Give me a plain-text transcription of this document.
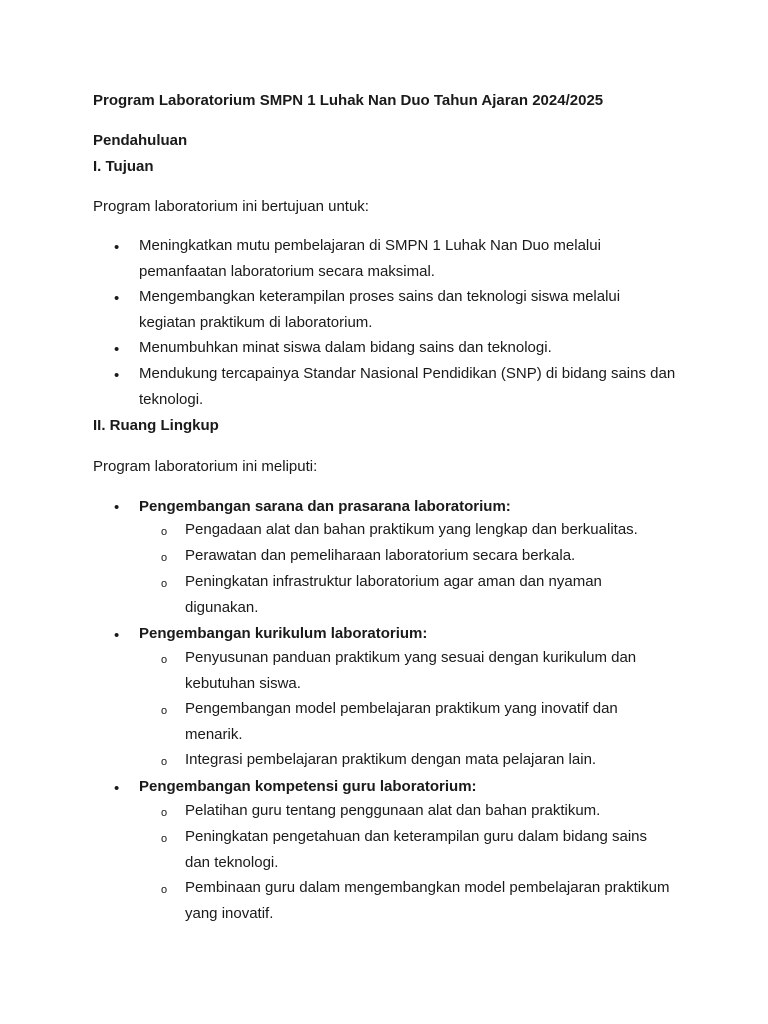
Program Laboratorium SMPN 1 Luhak Nan Duo Tahun Ajaran 2024/2025
Pendahuluan
I. Tujuan
Program laboratorium ini bertujuan untuk:
• Meningkatkan mutu pembelajaran di SMPN 1 Luhak Nan Duo melalui pemanfaatan laboratorium secara maksimal.
• Mengembangkan keterampilan proses sains dan teknologi siswa melalui kegiatan praktikum di laboratorium.
• Menumbuhkan minat siswa dalam bidang sains dan teknologi.
• Mendukung tercapainya Standar Nasional Pendidikan (SNP) di bidang sains dan teknologi.
II. Ruang Lingkup
Program laboratorium ini meliputi:
• Pengembangan sarana dan prasarana laboratorium:
o Pengadaan alat dan bahan praktikum yang lengkap dan berkualitas.
o Perawatan dan pemeliharaan laboratorium secara berkala.
o Peningkatan infrastruktur laboratorium agar aman dan nyaman digunakan.
• Pengembangan kurikulum laboratorium:
o Penyusunan panduan praktikum yang sesuai dengan kurikulum dan kebutuhan siswa.
o Pengembangan model pembelajaran praktikum yang inovatif dan menarik.
o Integrasi pembelajaran praktikum dengan mata pelajaran lain.
• Pengembangan kompetensi guru laboratorium:
o Pelatihan guru tentang penggunaan alat dan bahan praktikum.
o Peningkatan pengetahuan dan keterampilan guru dalam bidang sains dan teknologi.
o Pembinaan guru dalam mengembangkan model pembelajaran praktikum yang inovatif.
